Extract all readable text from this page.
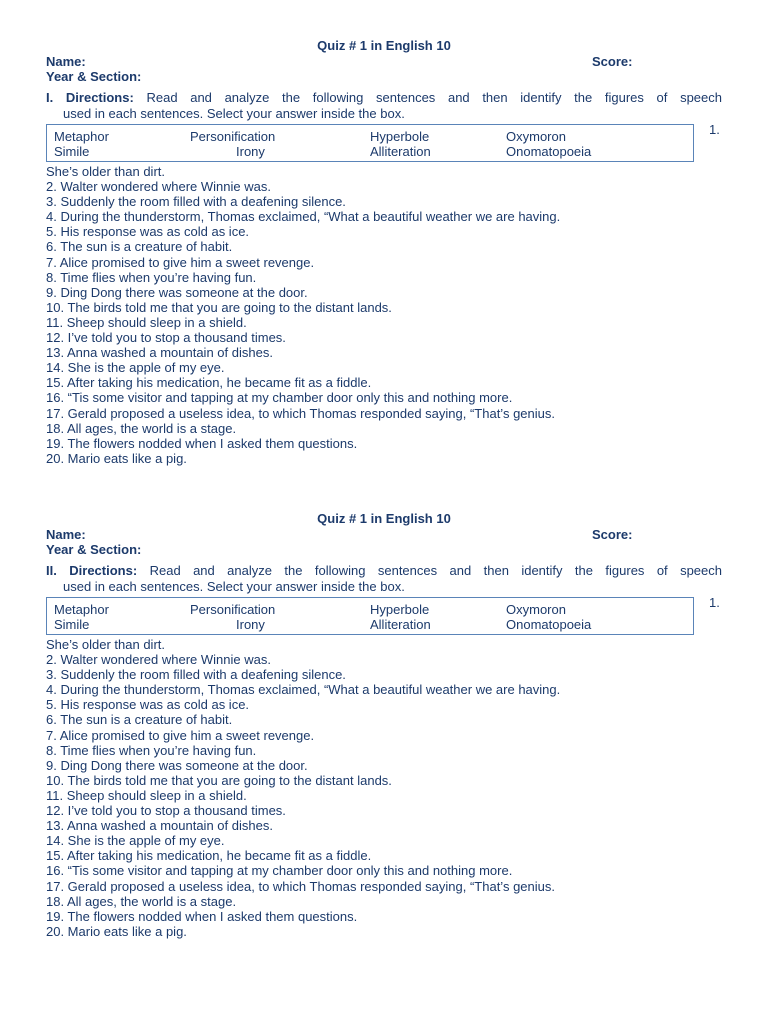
Quiz # 1 in English 10
Name:	Score:
Year & Section:
I. Directions: Read and analyze the following sentences and then identify the figures of speech
used in each sentences. Select your answer inside the box.
Metaphor	Personification	Hyperbole	Oxymoron
Simile	Irony	Alliteration	Onomatopoeia
1.
She’s older than dirt.
2. Walter wondered where Winnie was.
3. Suddenly the room filled with a deafening silence.
4. During the thunderstorm, Thomas exclaimed, “What a beautiful weather we are having.
5. His response was as cold as ice.
6. The sun is a creature of habit.
7. Alice promised to give him a sweet revenge.
8. Time flies when you’re having fun.
9. Ding Dong there was someone at the door.
10. The birds told me that you are going to the distant lands.
11. Sheep should sleep in a shield.
12. I’ve told you to stop a thousand times.
13. Anna washed a mountain of dishes.
14. She is the apple of my eye.
15. After taking his medication, he became fit as a fiddle.
16. “Tis some visitor and tapping at my chamber door only this and nothing more.
17. Gerald proposed a useless idea, to which Thomas responded saying, “That’s genius.
18. All ages, the world is a stage.
19. The flowers nodded when I asked them questions.
20. Mario eats like a pig.
Quiz # 1 in English 10
Name:	Score:
Year & Section:
II. Directions: Read and analyze the following sentences and then identify the figures of speech
used in each sentences. Select your answer inside the box.
Metaphor	Personification	Hyperbole	Oxymoron
Simile	Irony	Alliteration	Onomatopoeia
1.
She’s older than dirt.
2. Walter wondered where Winnie was.
3. Suddenly the room filled with a deafening silence.
4. During the thunderstorm, Thomas exclaimed, “What a beautiful weather we are having.
5. His response was as cold as ice.
6. The sun is a creature of habit.
7. Alice promised to give him a sweet revenge.
8. Time flies when you’re having fun.
9. Ding Dong there was someone at the door.
10. The birds told me that you are going to the distant lands.
11. Sheep should sleep in a shield.
12. I’ve told you to stop a thousand times.
13. Anna washed a mountain of dishes.
14. She is the apple of my eye.
15. After taking his medication, he became fit as a fiddle.
16. “Tis some visitor and tapping at my chamber door only this and nothing more.
17. Gerald proposed a useless idea, to which Thomas responded saying, “That’s genius.
18. All ages, the world is a stage.
19. The flowers nodded when I asked them questions.
20. Mario eats like a pig.
